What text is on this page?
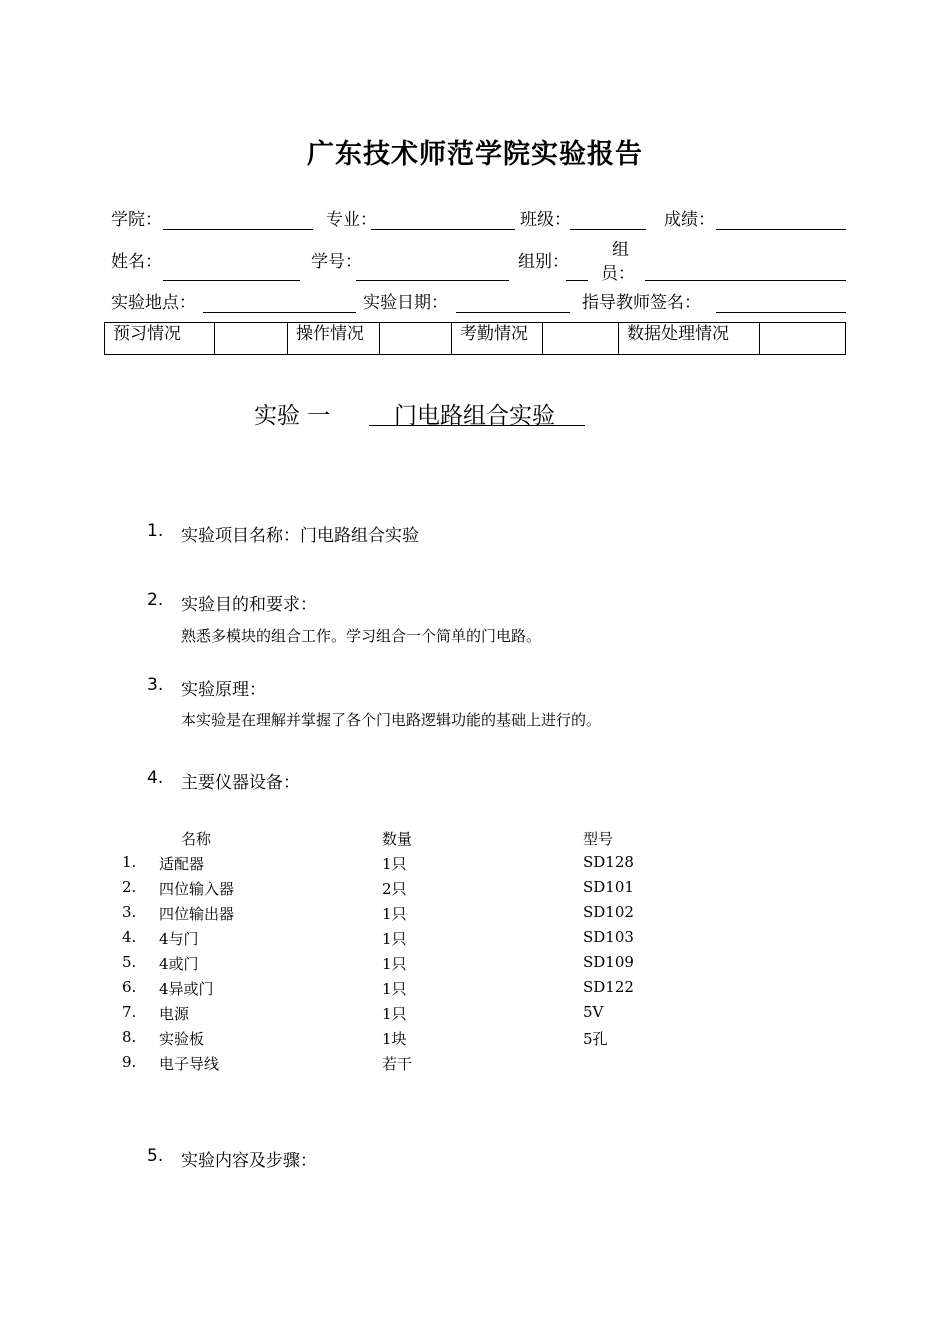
广东技术师范学院实验报告
学院：	专业：	班级：	成绩：
姓名：	学号：	组别：
组
员：
实验地点：	实验日期：	指导教师签名：
预习情况		操作情况		考勤情况		数据处理情况	
实验 一	门电路组合实验
1. 实验项目名称：门电路组合实验
2. 实验目的和要求：
熟悉多模块的组合工作。学习组合一个简单的门电路。
3. 实验原理：
本实验是在理解并掌握了各个门电路逻辑功能的基础上进行的。
4. 主要仪器设备：
名称	数量	型号
1. 适配器	1只	SD128
2. 四位输入器	2只	SD101
3. 四位输出器	1只	SD102
4. 4与门	1只	SD103
5. 4或门	1只	SD109
6. 4异或门	1只	SD122
7. 电源	1只	5V
8. 实验板	1块	5孔
9. 电子导线	若干
5. 实验内容及步骤：
